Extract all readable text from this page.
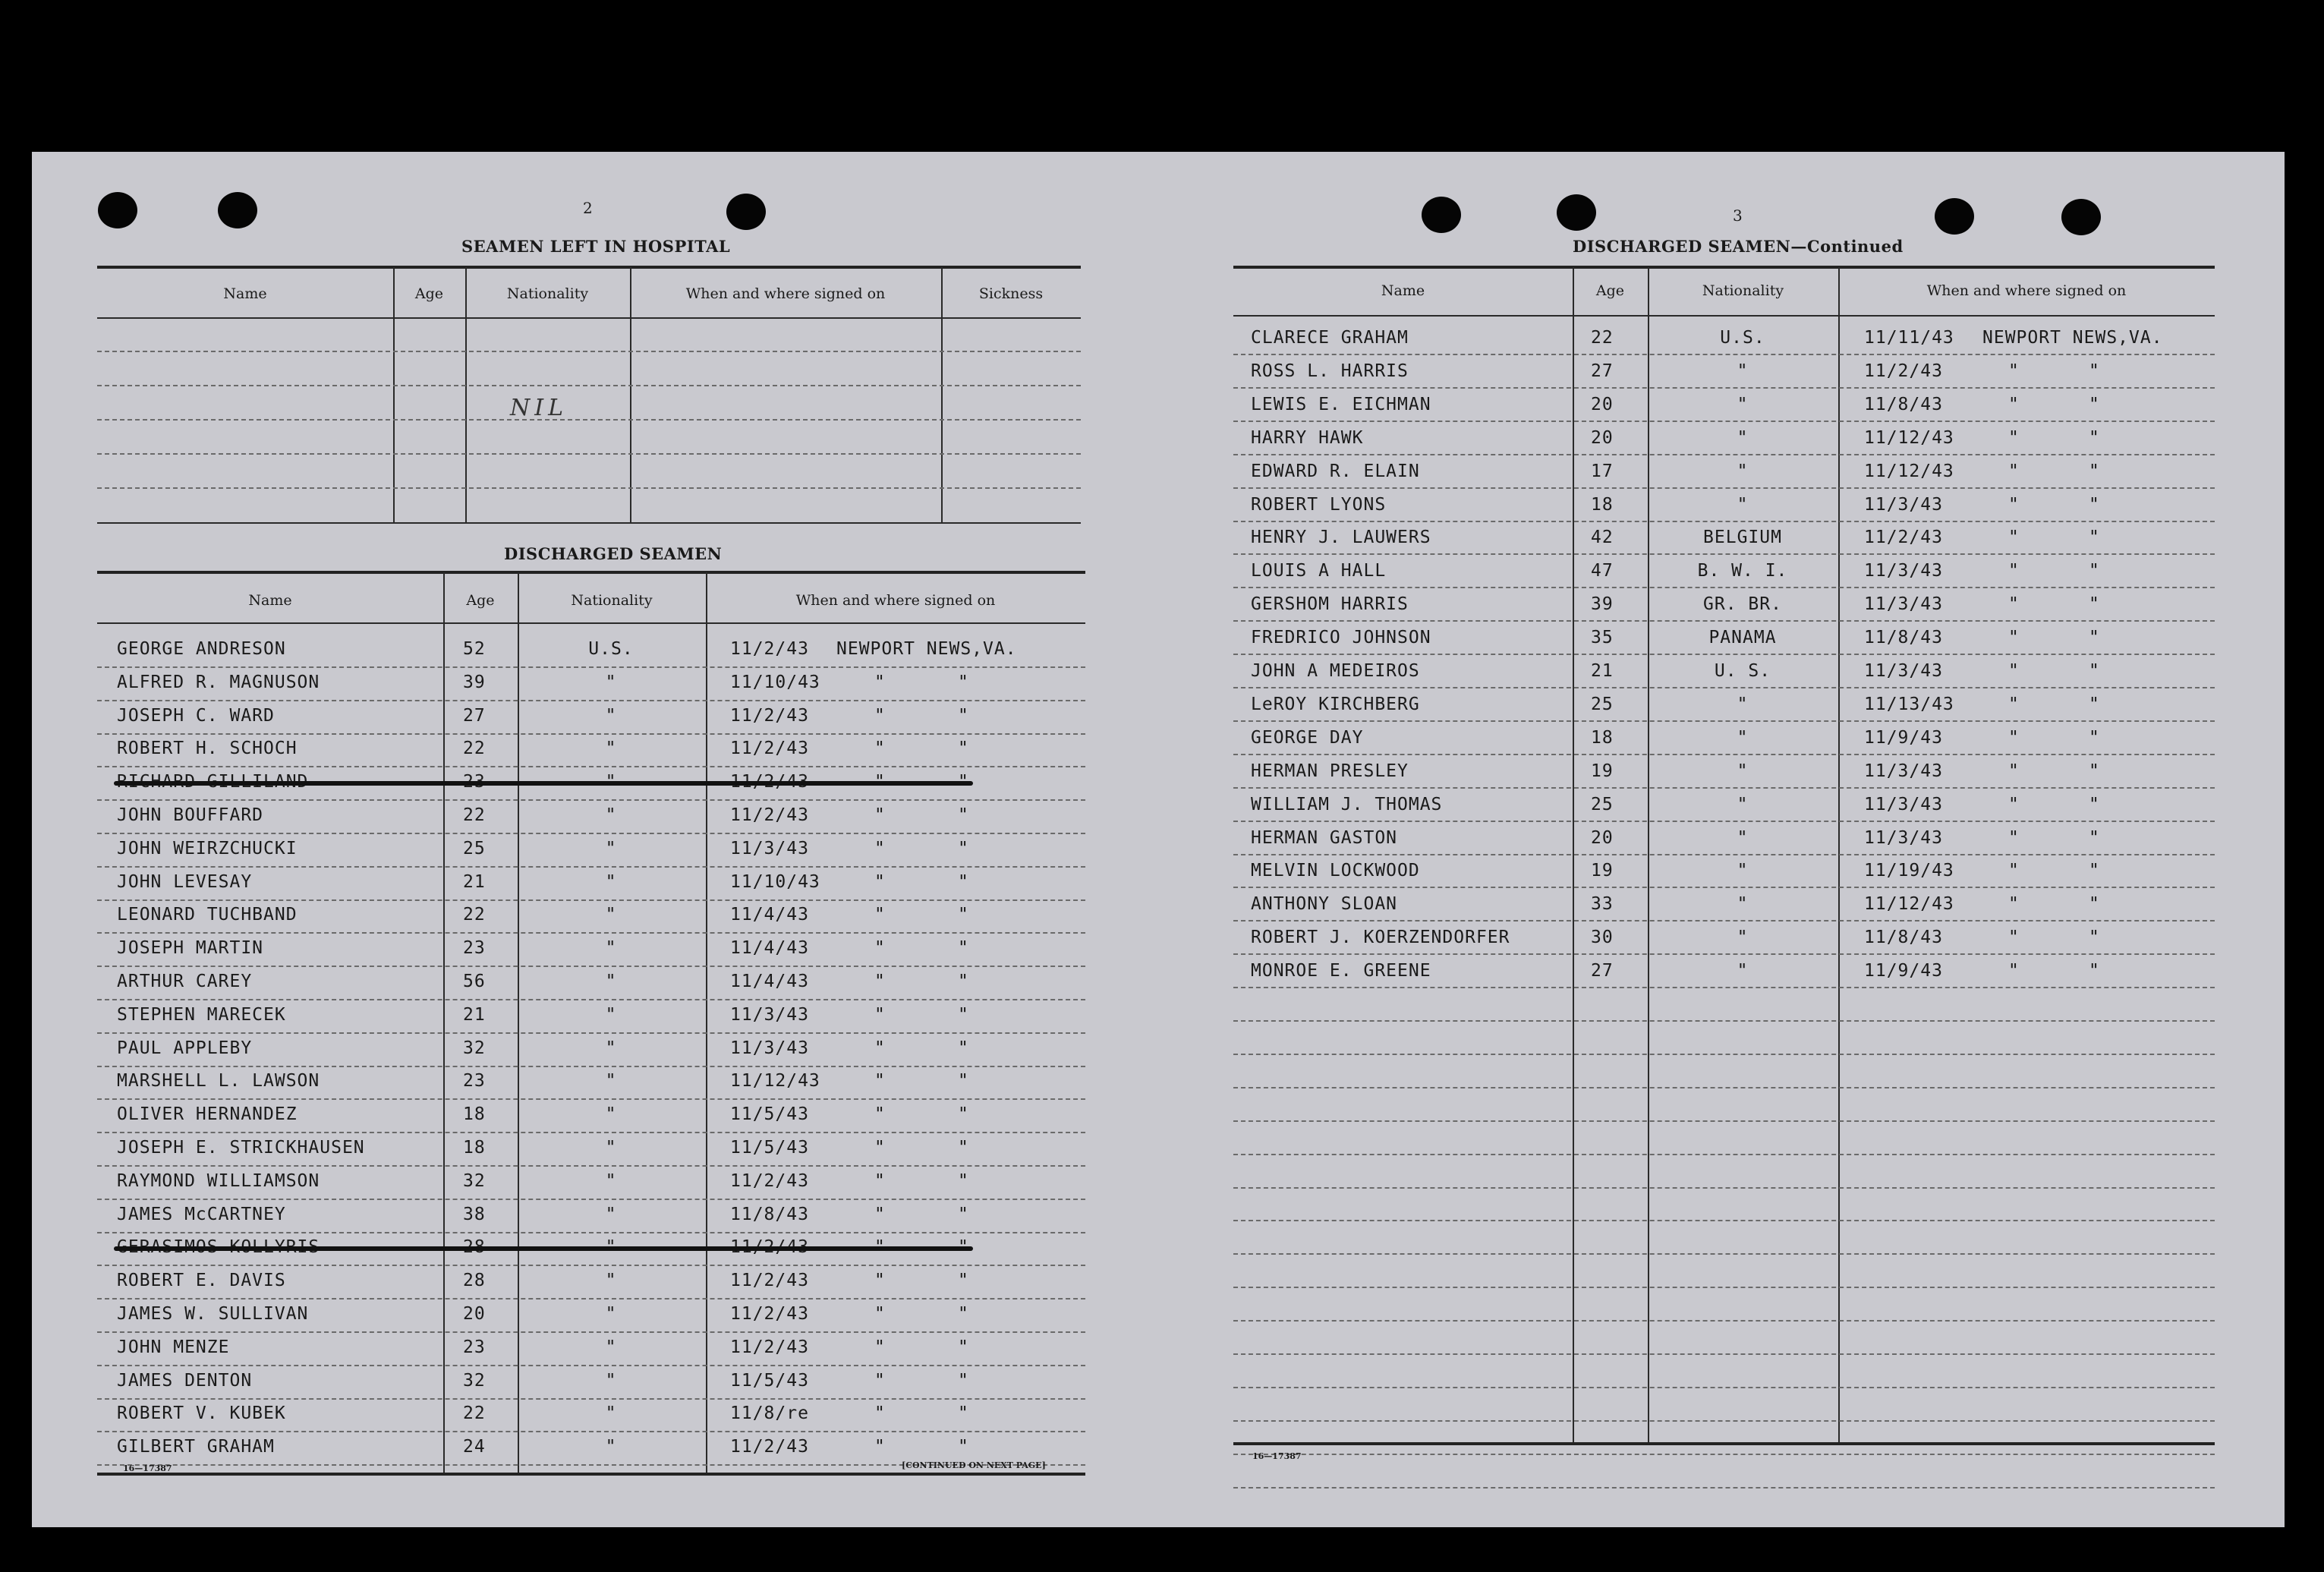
2
SEAMEN LEFT IN HOSPITAL
Name	Age	Nationality	When and where signed on	Sickness
NIL
DISCHARGED SEAMEN
Name	Age	Nationality	When and where signed on
GEORGE ANDRESON	52	U.S.	11/2/43 NEWPORT NEWS,VA.
ALFRED R. MAGNUSON	39	"	11/10/43	"	"
JOSEPH C. WARD	27	"	11/2/43	"	"
ROBERT H. SCHOCH	22	"	11/2/43	"	"
JOHN BOUFFARD	22	"	11/2/43	"	"
JOHN WEIRZCHUCKI	25	"	11/3/43	"	"
JOHN LEVESAY	21	"	11/10/43	"	"
LEONARD TUCHBAND	22	"	11/4/43	"	"
JOSEPH MARTIN	23	"	11/4/43	"	"
ARTHUR CAREY	56	"	11/4/43	"	"
STEPHEN MARECEK	21	"	11/3/43	"	"
PAUL APPLEBY	32	"	11/3/43	"	"
MARSHELL L. LAWSON	23	"	11/12/43	"	"
OLIVER HERNANDEZ	18	"	11/5/43	"	"
JOSEPH E. STRICKHAUSEN	18	"	11/5/43	"	"
RAYMOND WILLIAMSON	32	"	11/2/43	"	"
JAMES McCARTNEY	38	"	11/8/43	"	"
ROBERT E. DAVIS	28	"	11/2/43	"	"
JAMES W. SULLIVAN	20	"	11/2/43	"	"
JOHN MENZE	23	"	11/2/43	"	"
JAMES DENTON	32	"	11/5/43	"	"
ROBERT V. KUBEK	22	"	11/8/re	"	"
GILBERT GRAHAM	24	"	11/2/43	"	"
16—17387	[CONTINUED ON NEXT PAGE]
3
DISCHARGED SEAMEN—Continued
Name	Age	Nationality	When and where signed on
CLARECE GRAHAM	22	U.S.	11/11/43 NEWPORT NEWS,VA.
ROSS L. HARRIS	27	"	11/2/43	"	"
LEWIS E. EICHMAN	20	"	11/8/43	"	"
HARRY HAWK	20	"	11/12/43	"	"
EDWARD R. ELAIN	17	"	11/12/43	"	"
ROBERT LYONS	18	"	11/3/43	"	"
HENRY J. LAUWERS	42	BELGIUM	11/2/43	"	"
LOUIS A HALL	47	B. W. I.	11/3/43	"	"
GERSHOM HARRIS	39	GR. BR.	11/3/43	"	"
FREDRICO JOHNSON	35	PANAMA	11/8/43	"	"
JOHN A MEDEIROS	21	U. S.	11/3/43	"	"
LeROY KIRCHBERG	25	"	11/13/43	"	"
GEORGE DAY	18	"	11/9/43	"	"
HERMAN PRESLEY	19	"	11/3/43	"	"
WILLIAM J. THOMAS	25	"	11/3/43	"	"
HERMAN GASTON	20	"	11/3/43	"	"
MELVIN LOCKWOOD	19	"	11/19/43	"	"
ANTHONY SLOAN	33	"	11/12/43	"	"
ROBERT J. KOERZENDORFER	30	"	11/8/43	"	"
MONROE E. GREENE	27	"	11/9/43	"	"
16—17387
